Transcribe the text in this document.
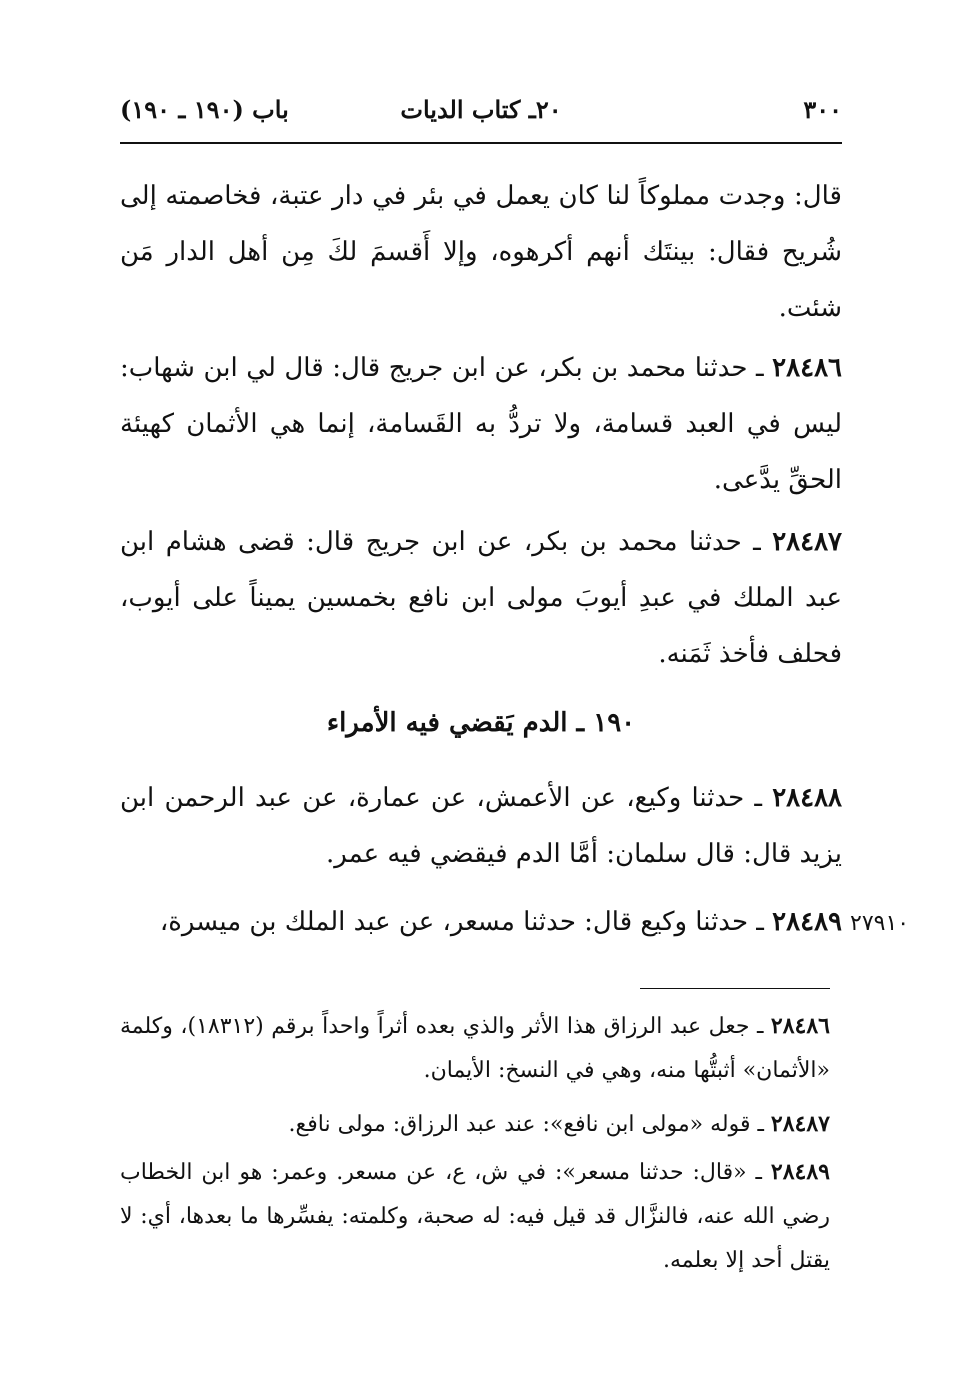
٣٠٠
٢٠ـ كتاب الديات
باب (١٩٠ ـ ١٩٠)
قال: وجدت مملوكاً لنا كان يعمل في بئر في دار عتبة، فخاصمته إلى شُريح فقال: بينتَك أنهم أكرهوه، وإلا أَقسمَ لكَ مِن أهل الدار مَن شئت.
٢٨٤٨٦ ـ حدثنا محمد بن بكر، عن ابن جريج قال: قال لي ابن شهاب: ليس في العبد قسامة، ولا تردُّ به القَسامة، إنما هي الأثمان كهيئة الحقِّ يدَّعى.
٢٨٤٨٧ ـ حدثنا محمد بن بكر، عن ابن جريج قال: قضى هشام ابن عبد الملك في عبدِ أيوبَ مولى ابن نافع بخمسين يميناً على أيوب، فحلف فأخذ ثَمَنه.
١٩٠ ـ الدم يَقضي فيه الأمراء
٢٨٤٨٨ ـ حدثنا وكيع، عن الأعمش، عن عمارة، عن عبد الرحمن ابن يزيد قال: قال سلمان: أمَّا الدم فيقضي فيه عمر.
٢٨٤٨٩ ـ حدثنا وكيع قال: حدثنا مسعر، عن عبد الملك بن ميسرة،	٢٧٩١٠
٢٨٤٨٦ ـ جعل عبد الرزاق هذا الأثر والذي بعده أثراً واحداً برقم (١٨٣١٢)، وكلمة «الأثمان» أثبتُّها منه، وهي في النسخ: الأيمان.
٢٨٤٨٧ ـ قوله «مولى ابن نافع»: عند عبد الرزاق: مولى نافع.
٢٨٤٨٩ ـ «قال: حدثنا مسعر»: في ش، ع، عن مسعر. وعمر: هو ابن الخطاب رضي الله عنه، فالنزَّال قد قيل فيه: له صحبة، وكلمته: يفسِّرها ما بعدها، أي: لا يقتل أحد إلا بعلمه.
